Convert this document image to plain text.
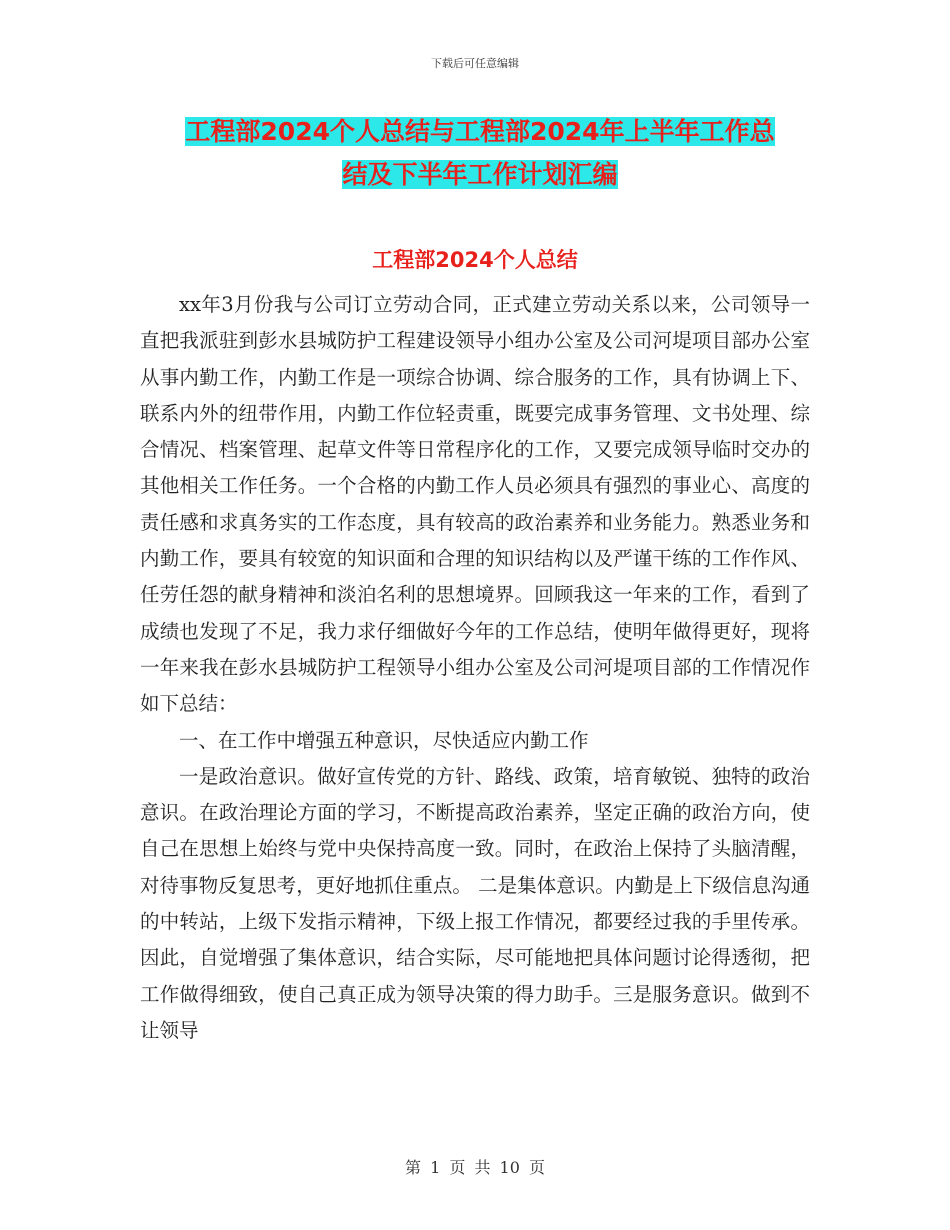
下载后可任意编辑
工程部2024个人总结与工程部2024年上半年工作总
结及下半年工作计划汇编
工程部2024个人总结

xx年3月份我与公司订立劳动合同，正式建立劳动关系以来，公司领导一直把我派驻到彭水县城防护工程建设领导小组办公室及公司河堤项目部办公室从事内勤工作，内勤工作是一项综合协调、综合服务的工作，具有协调上下、联系内外的纽带作用，内勤工作位轻责重，既要完成事务管理、文书处理、综合情况、档案管理、起草文件等日常程序化的工作，又要完成领导临时交办的其他相关工作任务。一个合格的内勤工作人员必须具有强烈的事业心、高度的责任感和求真务实的工作态度，具有较高的政治素养和业务能力。熟悉业务和内勤工作，要具有较宽的知识面和合理的知识结构以及严谨干练的工作作风、任劳任怨的献身精神和淡泊名利的思想境界。回顾我这一年来的工作，看到了成绩也发现了不足，我力求仔细做好今年的工作总结，使明年做得更好，现将一年来我在彭水县城防护工程领导小组办公室及公司河堤项目部的工作情况作如下总结：

一、在工作中增强五种意识，尽快适应内勤工作

一是政治意识。做好宣传党的方针、路线、政策，培育敏锐、独特的政治意识。在政治理论方面的学习，不断提高政治素养，坚定正确的政治方向，使自己在思想上始终与党中央保持高度一致。同时，在政治上保持了头脑清醒，对待事物反复思考，更好地抓住重点。 二是集体意识。内勤是上下级信息沟通的中转站，上级下发指示精神，下级上报工作情况，都要经过我的手里传承。因此，自觉增强了集体意识，结合实际，尽可能地把具体问题讨论得透彻，把工作做得细致，使自己真正成为领导决策的得力助手。三是服务意识。做到不让领导

第 1 页 共 10 页
